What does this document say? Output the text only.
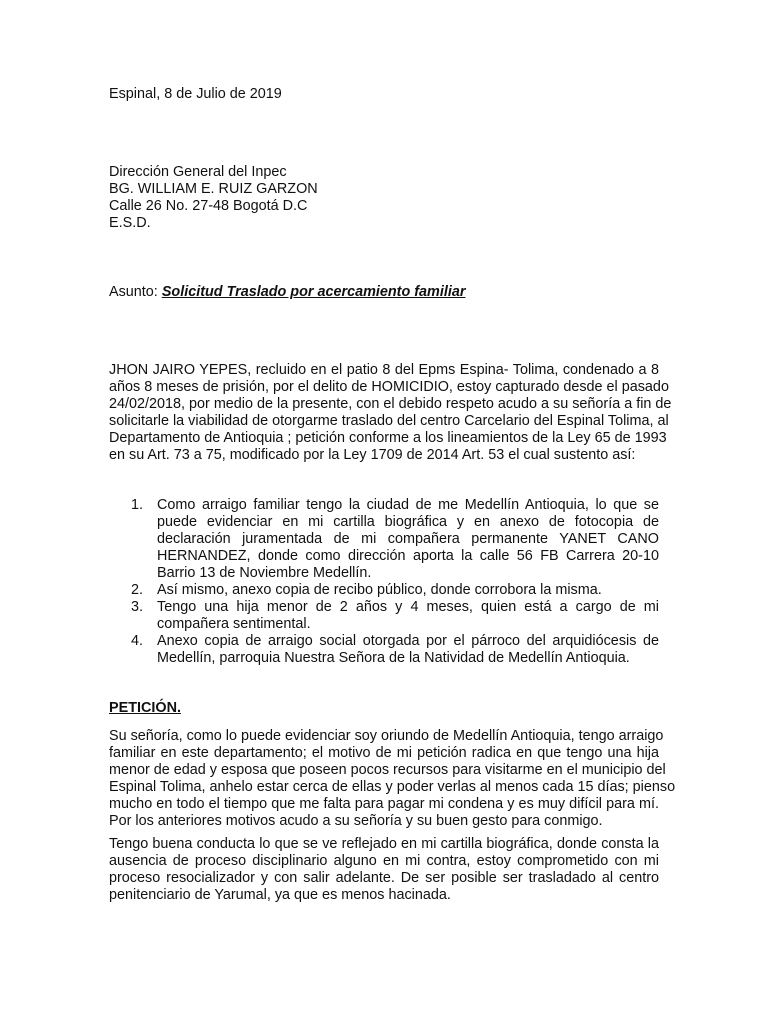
Espinal, 8 de Julio de 2019

Dirección General del Inpec

BG. WILLIAM E. RUIZ GARZON

Calle 26 No. 27-48 Bogotá D.C

E.S.D.

Asunto: Solicitud Traslado por acercamiento familiar

JHON JAIRO YEPES, recluido en el patio 8 del Epms Espina- Tolima, condenado a 8
años 8 meses de prisión, por el delito de HOMICIDIO, estoy capturado desde el pasado
24/02/2018, por medio de la presente, con el debido respeto acudo a su señoría a fin de
solicitarle la viabilidad de otorgarme traslado del centro Carcelario del Espinal Tolima, al
Departamento de Antioquia ; petición conforme a los lineamientos de la Ley 65 de 1993
en su Art. 73 a 75, modificado por la Ley 1709 de 2014 Art. 53 el cual sustento así:
1. Como arraigo familiar tengo la ciudad de me Medellín Antioquia, lo que se puede evidenciar en mi cartilla biográfica y en anexo de fotocopia de declaración juramentada de mi compañera permanente YANET CANO HERNANDEZ, donde como dirección aporta la calle 56 FB Carrera 20-10 Barrio 13 de Noviembre Medellín.
2. Así mismo, anexo copia de recibo público, donde corrobora la misma.
3. Tengo una hija menor de 2 años y 4 meses, quien está a cargo de mi compañera sentimental.
4. Anexo copia de arraigo social otorgada por el párroco del arquidiócesis de Medellín, parroquia Nuestra Señora de la Natividad de Medellín Antioquia.

PETICIÓN.

Su señoría, como lo puede evidenciar soy oriundo de Medellín Antioquia, tengo arraigo
familiar en este departamento; el motivo de mi petición radica en que tengo una hija
menor de edad y esposa que poseen pocos recursos para visitarme en el municipio del
Espinal Tolima, anhelo estar cerca de ellas y poder verlas al menos cada 15 días; pienso
mucho en todo el tiempo que me falta para pagar mi condena y es muy difícil para mí.
Por los anteriores motivos acudo a su señoría y su buen gesto para conmigo.
Tengo buena conducta lo que se ve reflejado en mi cartilla biográfica, donde consta la
ausencia de proceso disciplinario alguno en mi contra, estoy comprometido con mi
proceso resocializador y con salir adelante. De ser posible ser trasladado al centro
penitenciario de Yarumal, ya que es menos hacinada.
